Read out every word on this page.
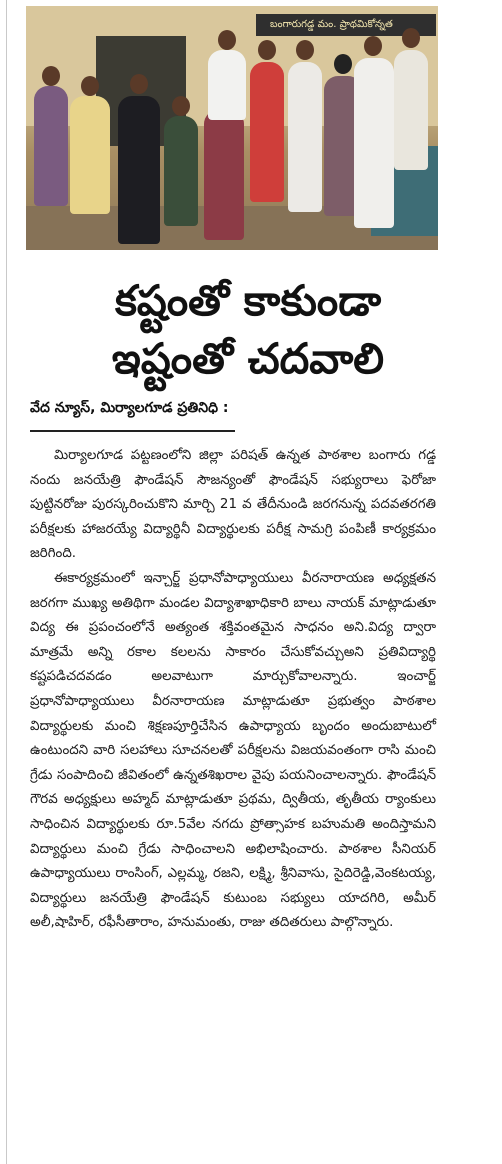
బంగారుగడ్డ మం. ప్రాథమికోన్నత
కష్టంతో కాకుండా
ఇష్టంతో చదవాలి
వేద న్యూస్, మిర్యాలగూడ ప్రతినిధి :

మిర్యాలగూడ పట్టణంలోని జిల్లా పరిషత్ ఉన్నత పాఠశాల బంగారు గడ్డ నందు జనయేత్రి ఫౌండేషన్ సౌజన్యంతో ఫౌండేషన్ సభ్యురాలు ఫెరోజా పుట్టినరోజు పురస్కరించుకొని మార్చి 21 వ తేదీనుండి జరగనున్న పదవతరగతి పరీక్షలకు హాజరయ్యే విద్యార్థినీ విద్యార్థులకు పరీక్ష సామగ్రి పంపిణీ కార్యక్రమం జరిగింది.

ఈకార్యక్రమంలో ఇన్చార్జ్ ప్రధానోపాధ్యాయులు వీరనారాయణ అధ్యక్షతన జరగగా ముఖ్య అతిథిగా మండల విద్యాశాఖాధికారి బాలు నాయక్ మాట్లాడుతూ విద్య ఈ ప్రపంచంలోనే అత్యంత శక్తివంతమైన సాధనం అని.విద్య ద్వారా మాత్రమే అన్ని రకాల కలలను సాకారం చేసుకోవచ్చుఅని ప్రతివిద్యార్థి కష్టపడిచదవడం అలవాటుగా మార్చుకోవాలన్నారు. ఇంచార్జ్ ప్రధానోపాధ్యాయులు వీరనారాయణ మాట్లాడుతూ ప్రభుత్వం పాఠశాల విద్యార్థులకు మంచి శిక్షణపూర్తిచేసిన ఉపాధ్యాయ బృందం అందుబాటులో ఉంటుందని వారి సలహాలు సూచనలతో పరీక్షలను విజయవంతంగా రాసి మంచి గ్రేడు సంపాదించి జీవితంలో ఉన్నతశిఖరాల వైపు పయనించాలన్నారు. ఫౌండేషన్ గౌరవ అధ్యక్షులు అహ్మద్ మాట్లాడుతూ ప్రథమ, ద్వితీయ, తృతీయ ర్యాంకులు సాధించిన విద్యార్థులకు రూ.5వేల నగదు ప్రోత్సాహక బహుమతి అందిస్తామని విద్యార్థులు మంచి గ్రేడు సాధించాలని అభిలాషించారు. పాఠశాల సీనియర్ ఉపాధ్యాయులు రాంసింగ్, ఎల్లమ్మ, రజని, లక్ష్మి, శ్రీనివాసు, సైదిరెడ్డి,వెంకటయ్య, విద్యార్థులు జనయేత్రి ఫౌండేషన్ కుటుంబ సభ్యులు యాదగిరి, అమీర్ అలీ,షాహిర్, రఫీసీతారాం, హనుమంతు, రాజు తదితరులు పాల్గొన్నారు.
